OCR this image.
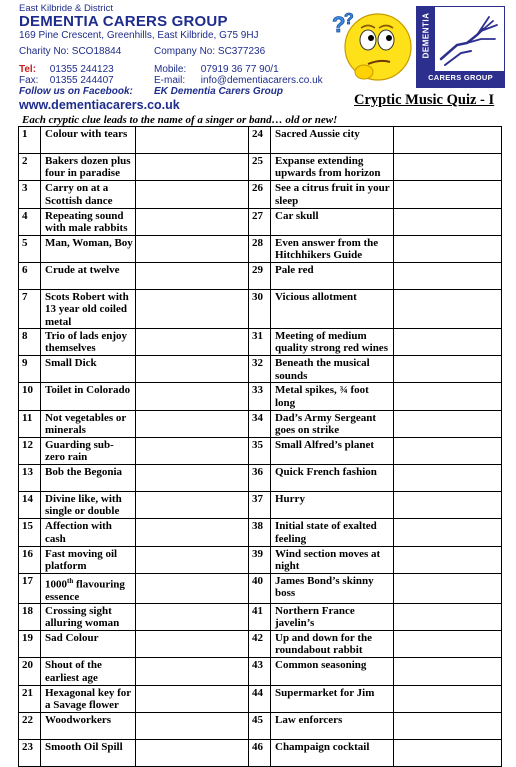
East Kilbride & District
DEMENTIA CARERS GROUP
169 Pine Crescent, Greenhills, East Kilbride, G75 9HJ
Charity No: SCO18844	Company No: SC377236
Tel: 01355 244123
Fax: 01355 244407
Mobile: 07919 36 77 90/1
E-mail: info@dementiacarers.co.uk
Follow us on Facebook: EK Dementia Carers Group
www.dementiacarers.co.uk
?
?	DEMENTIA
CARERS GROUP
Cryptic Music Quiz - I
Each cryptic clue leads to the name of a singer or band… old or new!
1	Colour with tears		24	Sacred Aussie city	
2	Bakers dozen plus four in paradise		25	Expanse extending upwards from horizon	
3	Carry on at a Scottish dance		26	See a citrus fruit in your sleep	
4	Repeating sound with male rabbits		27	Car skull	
5	Man, Woman, Boy		28	Even answer from the Hitchhikers Guide	
6	Crude at twelve		29	Pale red	
7	Scots Robert with 13 year old coiled metal		30	Vicious allotment	
8	Trio of lads enjoy themselves		31	Meeting of medium quality strong red wines	
9	Small Dick		32	Beneath the musical sounds	
10	Toilet in Colorado		33	Metal spikes, ¾ foot long	
11	Not vegetables or minerals		34	Dad’s Army Sergeant goes on strike	
12	Guarding sub-zero rain		35	Small Alfred’s planet	
13	Bob the Begonia		36	Quick French fashion	
14	Divine like, with single or double		37	Hurry	
15	Affection with cash		38	Initial state of exalted feeling	
16	Fast moving oil platform		39	Wind section moves at night	
17	1000th flavouring essence		40	James Bond’s skinny boss	
18	Crossing sight alluring woman		41	Northern France javelin’s	
19	Sad Colour		42	Up and down for the roundabout rabbit	
20	Shout of the earliest age		43	Common seasoning	
21	Hexagonal key for a Savage flower		44	Supermarket for Jim	
22	Woodworkers		45	Law enforcers	
23	Smooth Oil Spill		46	Champaign cocktail	
